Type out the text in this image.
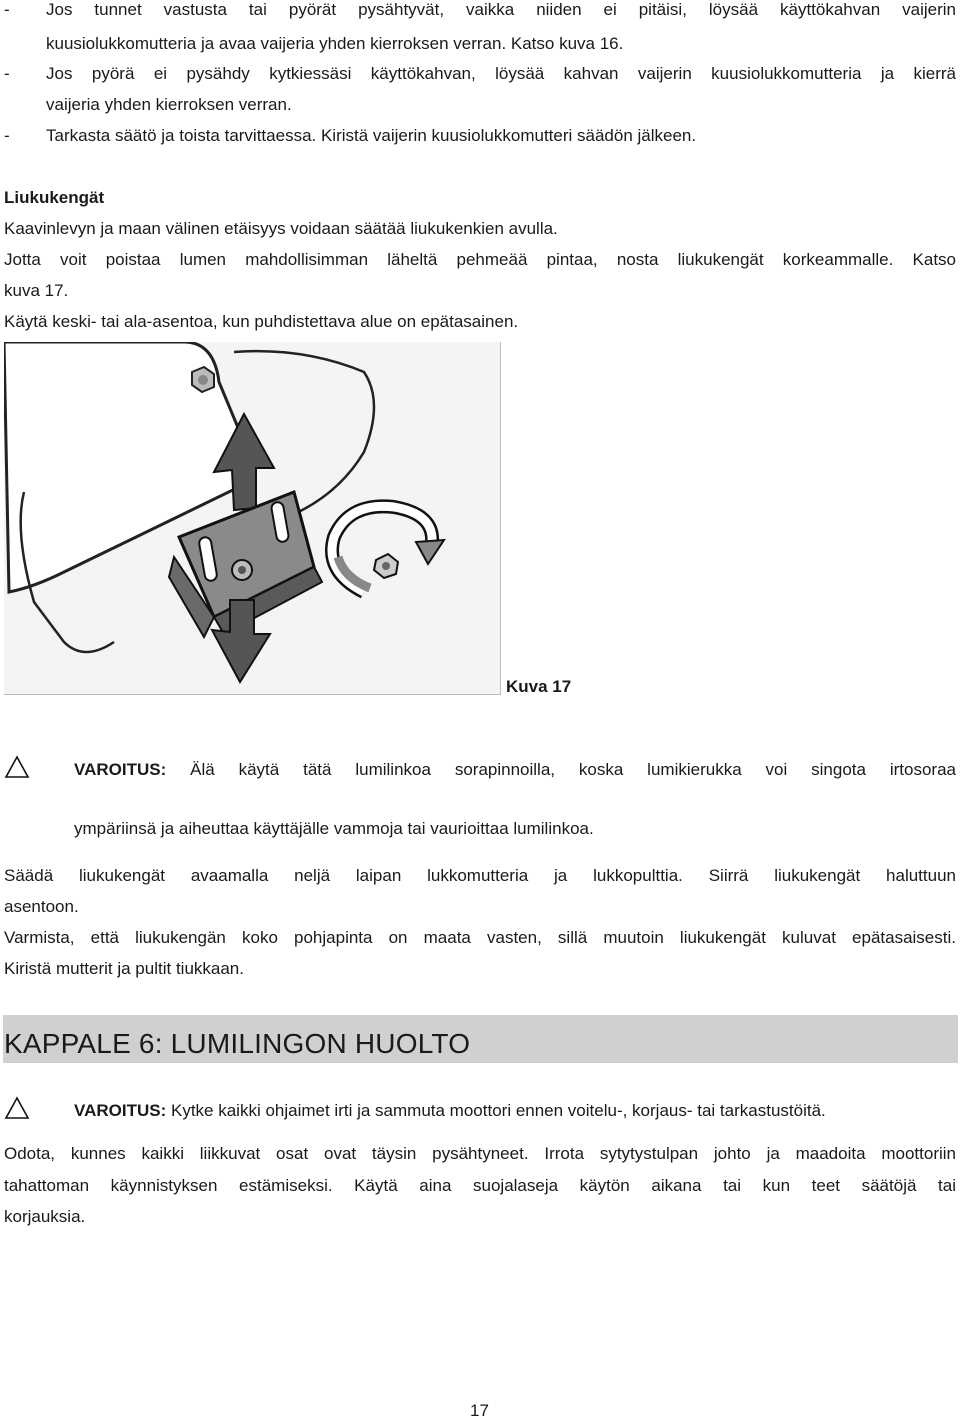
- Jos tunnet vastusta tai pyörät pysähtyvät, vaikka niiden ei pitäisi, löysää käyttökahvan vaijerin
kuusiolukkomutteria ja avaa vaijeria yhden kierroksen verran. Katso kuva 16.
- Jos pyörä ei pysähdy kytkiessäsi käyttökahvan, löysää kahvan vaijerin kuusiolukkomutteria ja kierrä
vaijeria yhden kierroksen verran.
- Tarkasta säätö ja toista tarvittaessa. Kiristä vaijerin kuusiolukkomutteri säädön jälkeen.
Liukukengät
Kaavinlevyn ja maan välinen etäisyys voidaan säätää liukukenkien avulla.
Jotta voit poistaa lumen mahdollisimman läheltä pehmeää pintaa, nosta liukukengät korkeammalle. Katso
kuva 17.
Käytä keski- tai ala-asentoa, kun puhdistettava alue on epätasainen.
Kuva 17
VAROITUS: Älä käytä tätä lumilinkoa sorapinnoilla, koska lumikierukka voi singota irtosoraa
ympäriinsä ja aiheuttaa käyttäjälle vammoja tai vaurioittaa lumilinkoa.
Säädä liukukengät avaamalla neljä laipan lukkomutteria ja lukkopulttia. Siirrä liukukengät haluttuun
asentoon.
Varmista, että liukukengän koko pohjapinta on maata vasten, sillä muutoin liukukengät kuluvat epätasaisesti.
Kiristä mutterit ja pultit tiukkaan.
KAPPALE 6: LUMILINGON HUOLTO
VAROITUS: Kytke kaikki ohjaimet irti ja sammuta moottori ennen voitelu-, korjaus- tai tarkastustöitä.
Odota, kunnes kaikki liikkuvat osat ovat täysin pysähtyneet. Irrota sytytystulpan johto ja maadoita moottoriin
tahattoman käynnistyksen estämiseksi. Käytä aina suojalaseja käytön aikana tai kun teet säätöjä tai
korjauksia.
17
